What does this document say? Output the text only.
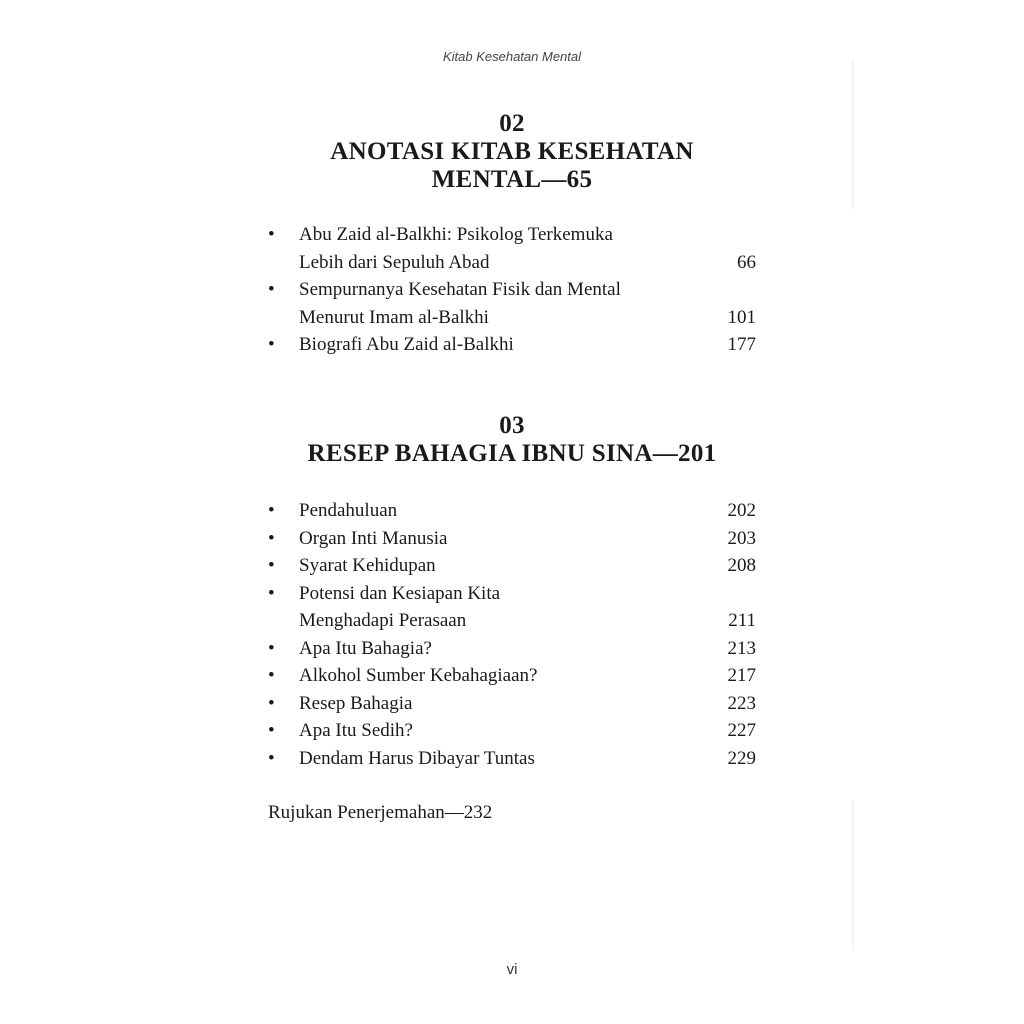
Kitab Kesehatan Mental
02
ANOTASI KITAB KESEHATAN
MENTAL—65
• Abu Zaid al-Balkhi: Psikolog Terkemuka
Lebih dari Sepuluh Abad	66
• Sempurnanya Kesehatan Fisik dan Mental
Menurut Imam al-Balkhi	101
• Biografi Abu Zaid al-Balkhi	177
03
RESEP BAHAGIA IBNU SINA—201
• Pendahuluan	202
• Organ Inti Manusia	203
• Syarat Kehidupan	208
• Potensi dan Kesiapan Kita
Menghadapi Perasaan	211
• Apa Itu Bahagia?	213
• Alkohol Sumber Kebahagiaan?	217
• Resep Bahagia	223
• Apa Itu Sedih?	227
• Dendam Harus Dibayar Tuntas	229
Rujukan Penerjemahan—232
vi
